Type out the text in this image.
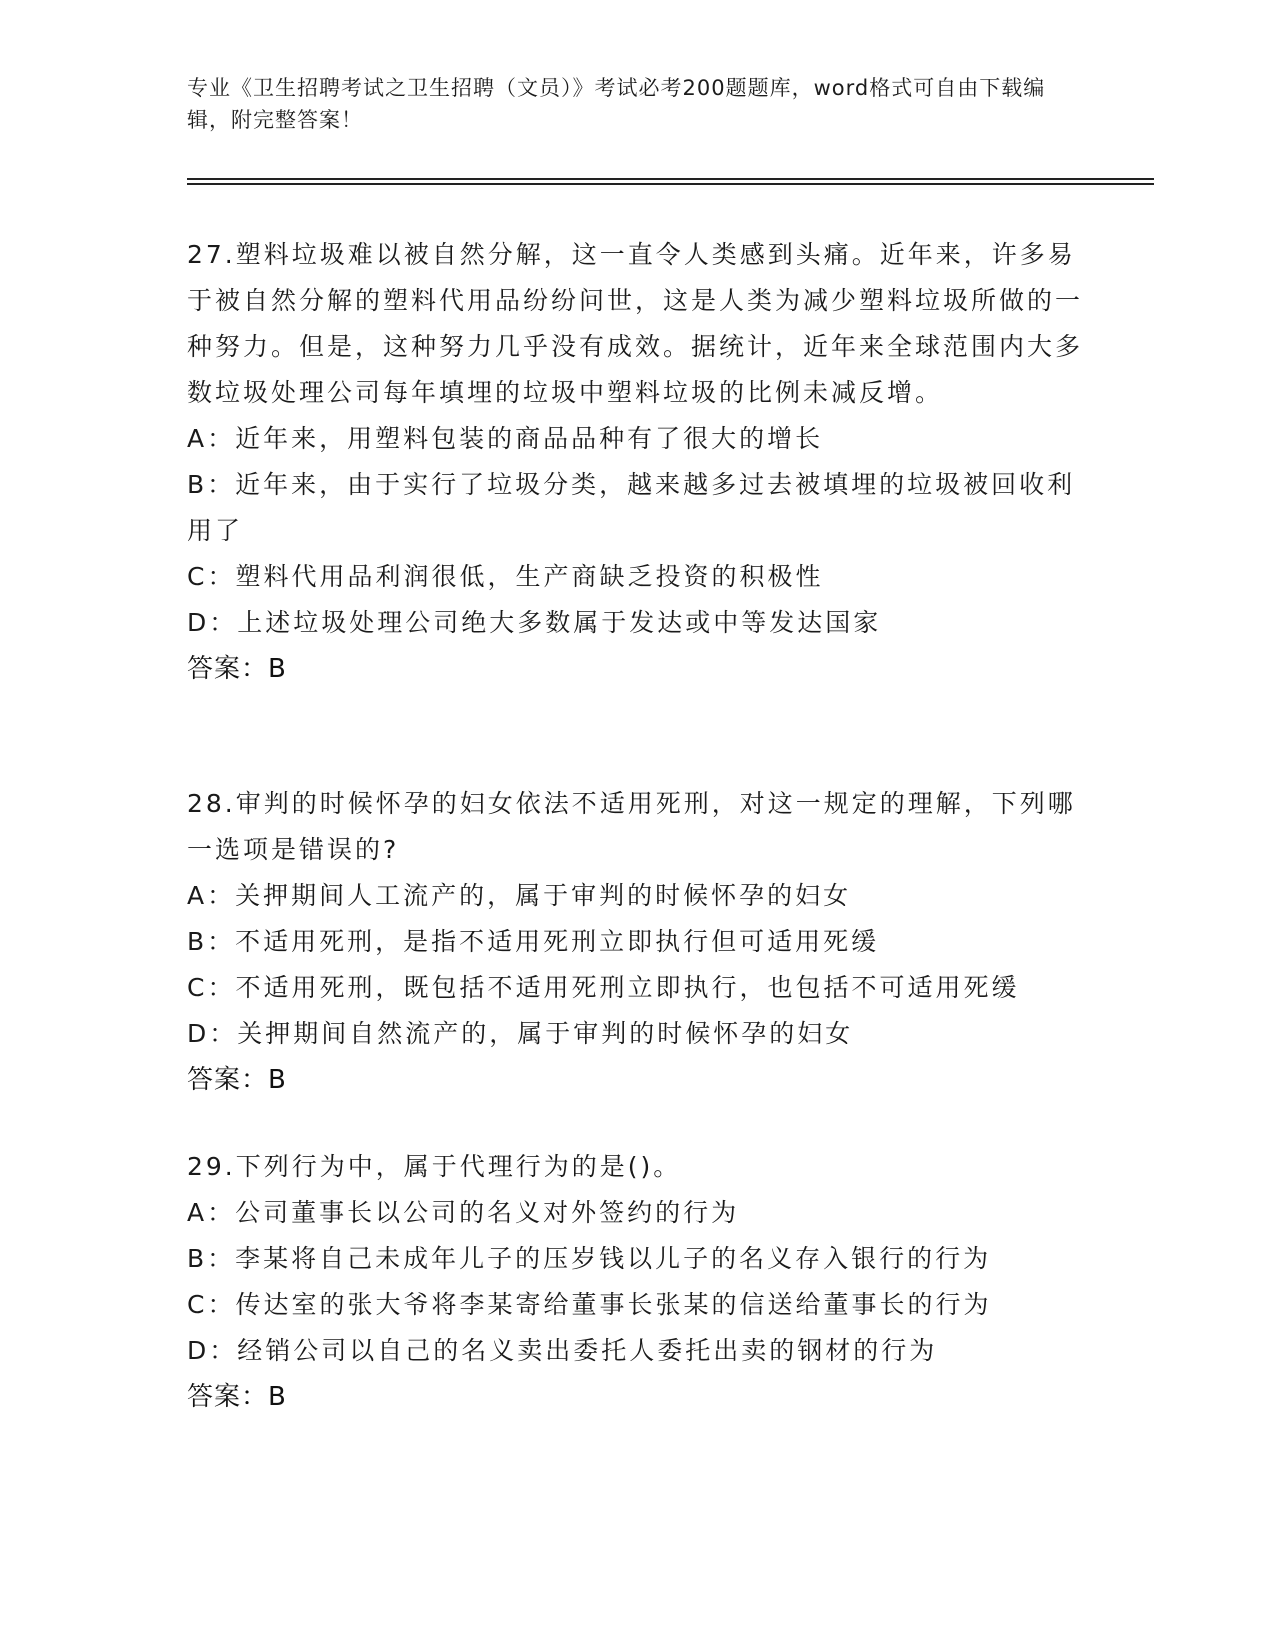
专业《卫生招聘考试之卫生招聘（文员）》考试必考200题题库，word格式可自由下载编辑，附完整答案！
27.塑料垃圾难以被自然分解，这一直令人类感到头痛。近年来，许多易于被自然分解的塑料代用品纷纷问世，这是人类为减少塑料垃圾所做的一种努力。但是，这种努力几乎没有成效。据统计，近年来全球范围内大多数垃圾处理公司每年填埋的垃圾中塑料垃圾的比例未减反增。
A：近年来，用塑料包装的商品品种有了很大的增长
B：近年来，由于实行了垃圾分类，越来越多过去被填埋的垃圾被回收利用了
C：塑料代用品利润很低，生产商缺乏投资的积极性
D：上述垃圾处理公司绝大多数属于发达或中等发达国家
答案：B
28.审判的时候怀孕的妇女依法不适用死刑，对这一规定的理解，下列哪一选项是错误的?
A：关押期间人工流产的，属于审判的时候怀孕的妇女
B：不适用死刑，是指不适用死刑立即执行但可适用死缓
C：不适用死刑，既包括不适用死刑立即执行，也包括不可适用死缓
D：关押期间自然流产的，属于审判的时候怀孕的妇女
答案：B
29.下列行为中，属于代理行为的是()。
A：公司董事长以公司的名义对外签约的行为
B：李某将自己未成年儿子的压岁钱以儿子的名义存入银行的行为
C：传达室的张大爷将李某寄给董事长张某的信送给董事长的行为
D：经销公司以自己的名义卖出委托人委托出卖的钢材的行为
答案：B
